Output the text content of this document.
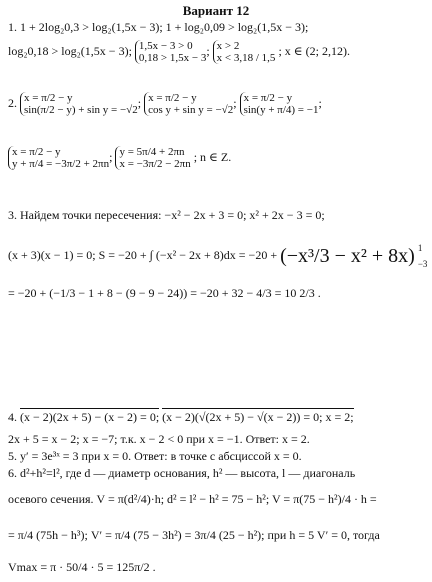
Вариант 12
1. 1 + 2log₂0,3 > log₂(1,5x − 3); 1 + log₂0,09 > log₂(1,5x − 3);
log₂0,18 > log₂(1,5x − 3); 1,5x − 3 > 0
0,18 > 1,5x − 3; x > 2
x < 3,18 / 1,5 ; x ∈ (2; 2,12).
2. x = π/2 − y
sin(π/2 − y) + sin y = −√2; x = π/2 − y
cos y + sin y = −√2; x = π/2 − y
sin(y + π/4) = −1;
x = π/2 − y
y + π/4 = −3π/2 + 2πn; y = 5π/4 + 2πn
x = −3π/2 − 2πn ; n ∈ Z.
3. Найдем точки пересечения: −x² − 2x + 3 = 0; x² + 2x − 3 = 0;
(x + 3)(x − 1) = 0; S = −20 + ∫ (−x² − 2x + 8)dx = −20 + (−x³/3 − x² + 8x) 1
−3
= −20 + (−1/3 − 1 + 8 − (9 − 9 − 24)) = −20 + 32 − 4/3 = 10 2/3 .
4. (x − 2)(2x + 5) − (x − 2) = 0; (x − 2)(√(2x + 5) − √(x − 2)) = 0; x = 2;
2x + 5 = x − 2; x = −7; т.к. x − 2 < 0 при x = −1. Ответ: x = 2.
5. y′ = 3e³ˣ = 3 при x = 0. Ответ: в точке с абсциссой x = 0.
6. d²+h²=l², где d — диаметр основания, h² — высота, l — диагональ
осевого сечения. V = π(d²/4)·h; d² = l² − h² = 75 − h²; V = π(75 − h²)/4 · h =
= π/4 (75h − h³); V′ = π/4 (75 − 3h²) = 3π/4 (25 − h²); при h = 5 V′ = 0, тогда
Vmax = π · 50/4 · 5 = 125π/2 .
